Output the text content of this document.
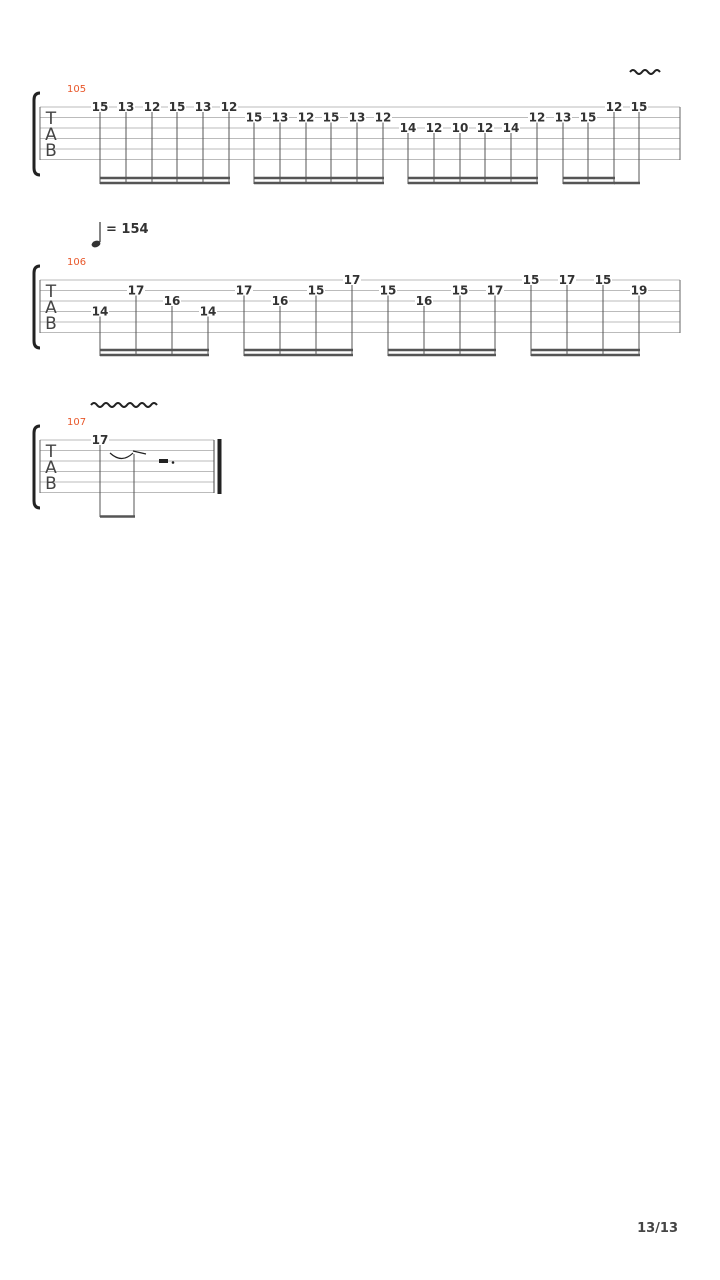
105
T
A
B
15 13 12 15 13 12
15 13 12 15 13 12
14 12 10 12 14
12 13 15
12 15
= 154
106
T
A
B
14
17
16
14
17
16
15
17
15
16
15 17
15 17 15
19
107
T
A
B
17
13/13
